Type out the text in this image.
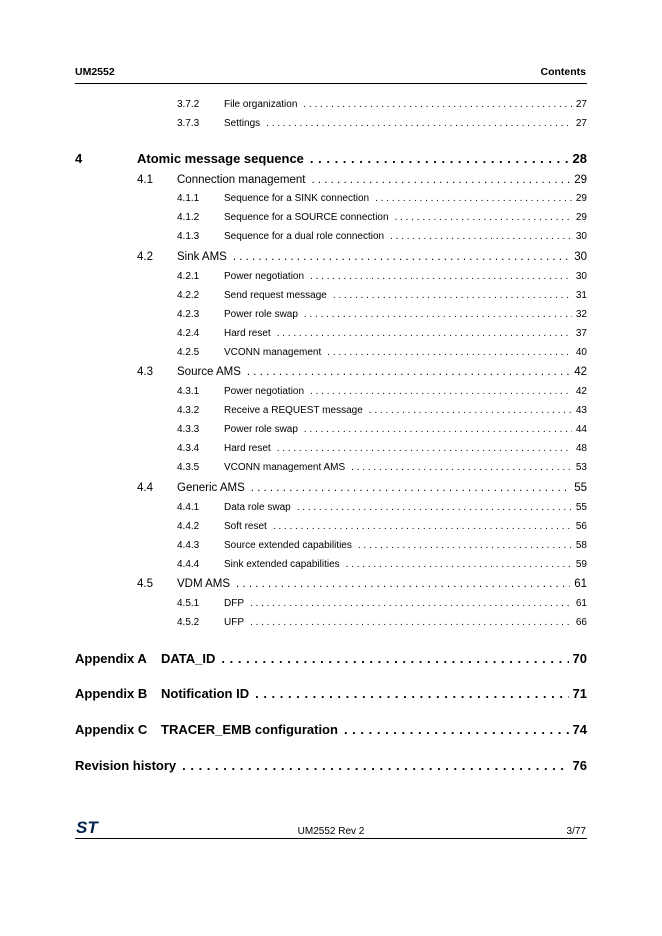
UM2552	Contents
3.7.2 File organization . . .	27
3.7.3 Settings . . .	27
4	Atomic message sequence . . .	28
4.1 Connection management . . .	29
4.1.1 Sequence for a SINK connection . . .	29
4.1.2 Sequence for a SOURCE connection . . .	29
4.1.3 Sequence for a dual role connection . . .	30
4.2 Sink AMS . . .	30
4.2.1 Power negotiation . . .	30
4.2.2 Send request message . . .	31
4.2.3 Power role swap . . .	32
4.2.4 Hard reset . . .	37
4.2.5 VCONN management . . .	40
4.3 Source AMS . . .	42
4.3.1 Power negotiation . . .	42
4.3.2 Receive a REQUEST message . . .	43
4.3.3 Power role swap . . .	44
4.3.4 Hard reset . . .	48
4.3.5 VCONN management AMS . . .	53
4.4 Generic AMS . . .	55
4.4.1 Data role swap . . .	55
4.4.2 Soft reset . . .	56
4.4.3 Source extended capabilities . . .	58
4.4.4 Sink extended capabilities . . .	59
4.5 VDM AMS . . .	61
4.5.1 DFP . . .	61
4.5.2 UFP . . .	66
Appendix A DATA_ID . . .	70
Appendix B Notification ID . . .	71
Appendix C TRACER_EMB configuration . . .	74
Revision history . . .	76
ST	UM2552 Rev 2	3/77
